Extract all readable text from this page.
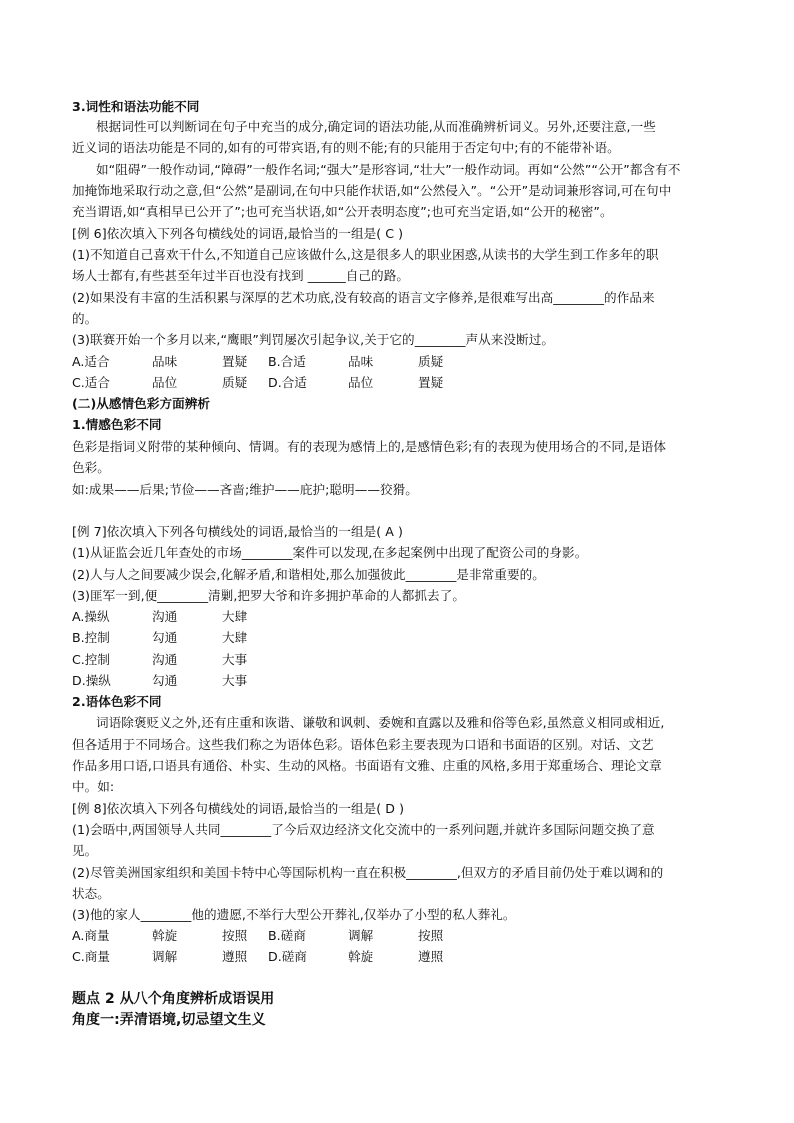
3.词性和语法功能不同
根据词性可以判断词在句子中充当的成分,确定词的语法功能,从而准确辨析词义。另外,还要注意,一些
近义词的语法功能是不同的,如有的可带宾语,有的则不能;有的只能用于否定句中;有的不能带补语。
如“阻碍”一般作动词,“障碍”一般作名词;“强大”是形容词,“壮大”一般作动词。再如“公然”“公开”都含有不
加掩饰地采取行动之意,但“公然”是副词,在句中只能作状语,如“公然侵入”。“公开”是动词兼形容词,可在句中
充当谓语,如“真相早已公开了”;也可充当状语,如“公开表明态度”;也可充当定语,如“公开的秘密”。
[例 6]依次填入下列各句横线处的词语,最恰当的一组是( C )
(1)不知道自己喜欢干什么,不知道自己应该做什么,这是很多人的职业困惑,从读书的大学生到工作多年的职
场人士都有,有些甚至年过半百也没有找到 ______自己的路。
(2)如果没有丰富的生活积累与深厚的艺术功底,没有较高的语言文字修养,是很难写出高________的作品来
的。
(3)联赛开始一个多月以来,“鹰眼”判罚屡次引起争议,关于它的________声从来没断过。
A.适合	品味	置疑 B.合适	品味	质疑
C.适合	品位	质疑 D.合适	品位	置疑
(二)从感情色彩方面辨析
1.情感色彩不同
色彩是指词义附带的某种倾向、情调。有的表现为感情上的,是感情色彩;有的表现为使用场合的不同,是语体
色彩。
如:成果——后果;节俭——吝啬;维护——庇护;聪明——狡猾。
[例 7]依次填入下列各句横线处的词语,最恰当的一组是( A )
(1)从证监会近几年查处的市场________案件可以发现,在多起案例中出现了配资公司的身影。
(2)人与人之间要减少误会,化解矛盾,和谐相处,那么加强彼此________是非常重要的。
(3)匪军一到,便________清剿,把罗大爷和许多拥护革命的人都抓去了。
A.操纵	沟通	大肆
B.控制	勾通	大肆
C.控制	沟通	大事
D.操纵	勾通	大事
2.语体色彩不同
词语除褒贬义之外,还有庄重和诙谐、谦敬和讽刺、委婉和直露以及雅和俗等色彩,虽然意义相同或相近,
但各适用于不同场合。这些我们称之为语体色彩。语体色彩主要表现为口语和书面语的区别。对话、文艺
作品多用口语,口语具有通俗、朴实、生动的风格。书面语有文雅、庄重的风格,多用于郑重场合、理论文章
中。如:
[例 8]依次填入下列各句横线处的词语,最恰当的一组是( D )
(1)会晤中,两国领导人共同________了今后双边经济文化交流中的一系列问题,并就许多国际问题交换了意
见。
(2)尽管美洲国家组织和美国卡特中心等国际机构一直在积极________,但双方的矛盾目前仍处于难以调和的
状态。
(3)他的家人________他的遗愿,不举行大型公开葬礼,仅举办了小型的私人葬礼。
A.商量	斡旋	按照 B.磋商	调解	按照
C.商量	调解	遵照 D.磋商	斡旋	遵照
题点 2 从八个角度辨析成语误用
角度一:弄清语境,切忌望文生义
